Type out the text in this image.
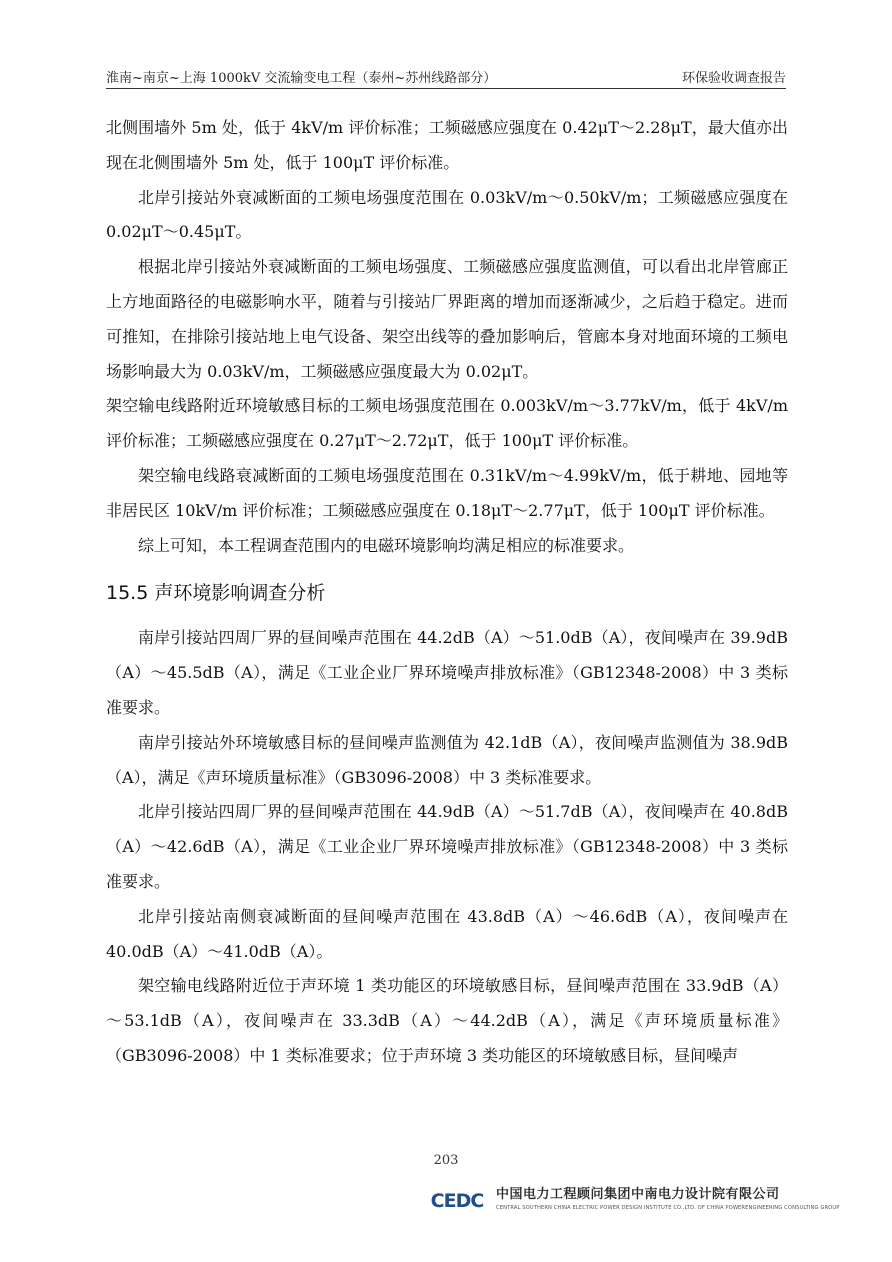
淮南~南京~上海 1000kV 交流输变电工程（泰州~苏州线路部分）	环保验收调查报告

北侧围墙外 5m 处，低于 4kV/m 评价标准；工频磁感应强度在 0.42μT～2.28μT，最大值亦出现在北侧围墙外 5m 处，低于 100μT 评价标准。

北岸引接站外衰减断面的工频电场强度范围在 0.03kV/m～0.50kV/m；工频磁感应强度在 0.02μT～0.45μT。

根据北岸引接站外衰减断面的工频电场强度、工频磁感应强度监测值，可以看出北岸管廊正上方地面路径的电磁影响水平，随着与引接站厂界距离的增加而逐渐减少，之后趋于稳定。进而可推知，在排除引接站地上电气设备、架空出线等的叠加影响后，管廊本身对地面环境的工频电场影响最大为 0.03kV/m，工频磁感应强度最大为 0.02μT。

架空输电线路附近环境敏感目标的工频电场强度范围在 0.003kV/m～3.77kV/m，低于 4kV/m 评价标准；工频磁感应强度在 0.27μT～2.72μT，低于 100μT 评价标准。

架空输电线路衰减断面的工频电场强度范围在 0.31kV/m～4.99kV/m，低于耕地、园地等非居民区 10kV/m 评价标准；工频磁感应强度在 0.18μT～2.77μT，低于 100μT 评价标准。

综上可知，本工程调查范围内的电磁环境影响均满足相应的标准要求。

15.5 声环境影响调查分析

南岸引接站四周厂界的昼间噪声范围在 44.2dB（A）～51.0dB（A），夜间噪声在 39.9dB（A）～45.5dB（A），满足《工业企业厂界环境噪声排放标准》（GB12348-2008）中 3 类标准要求。

南岸引接站外环境敏感目标的昼间噪声监测值为 42.1dB（A），夜间噪声监测值为 38.9dB（A），满足《声环境质量标准》（GB3096-2008）中 3 类标准要求。

北岸引接站四周厂界的昼间噪声范围在 44.9dB（A）～51.7dB（A），夜间噪声在 40.8dB（A）～42.6dB（A），满足《工业企业厂界环境噪声排放标准》（GB12348-2008）中 3 类标准要求。

北岸引接站南侧衰减断面的昼间噪声范围在 43.8dB（A）～46.6dB（A），夜间噪声在 40.0dB（A）～41.0dB（A）。

架空输电线路附近位于声环境 1 类功能区的环境敏感目标，昼间噪声范围在 33.9dB（A）～53.1dB（A），夜间噪声在 33.3dB（A）～44.2dB（A），满足《声环境质量标准》（GB3096-2008）中 1 类标准要求；位于声环境 3 类功能区的环境敏感目标，昼间噪声

203
CEDC 中国电力工程顾问集团中南电力设计院有限公司
CENTRAL SOUTHERN CHINA ELECTRIC POWER DESIGN INSTITUTE CO.,LTD. OF CHINA POWERENGINEERING CONSULTING GROUP
